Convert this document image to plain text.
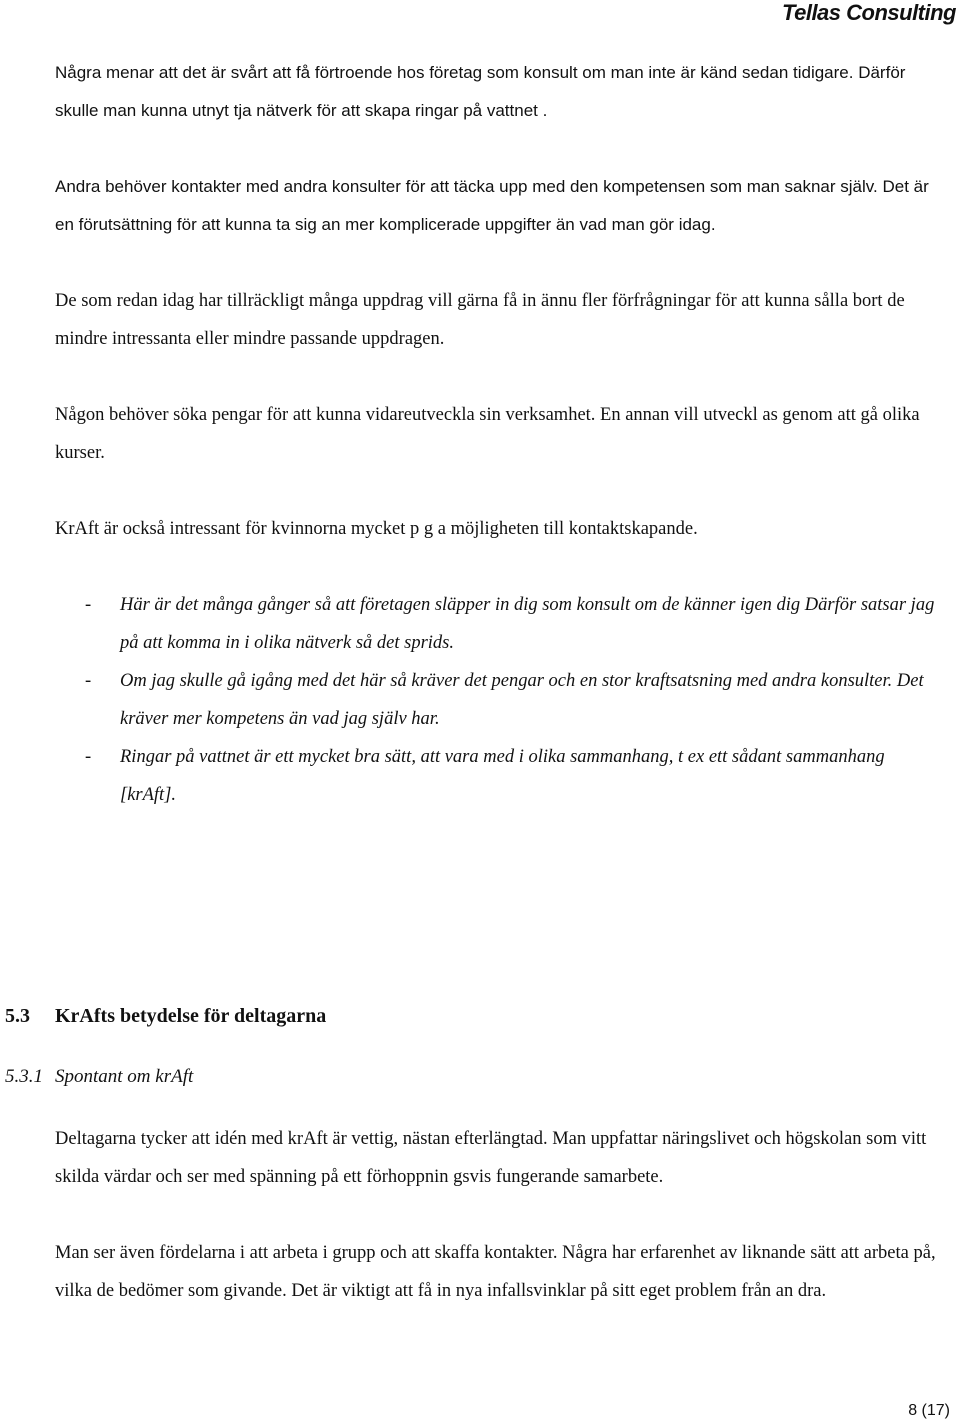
Tellas Consulting

Några menar att det är svårt att få förtroende hos företag som konsult om man inte är känd sedan tidigare. Därför skulle man kunna utnyt tja nätverk för att skapa ringar på vattnet .

Andra behöver kontakter med andra konsulter för att täcka upp med den kompetensen som man saknar själv. Det är en förutsättning för att kunna ta sig an mer komplicerade uppgifter än vad man gör idag.

De som redan idag har tillräckligt många uppdrag vill gärna få in ännu fler förfrågningar för att kunna sålla bort de mindre intressanta eller mindre passande uppdragen.

Någon behöver söka pengar för att kunna vidareutveckla sin verksamhet. En annan vill utveckl as genom att gå olika kurser.

KrAft är också intressant för kvinnorna mycket p g a möjligheten till kontaktskapande.

- Här är det många gånger så att företagen släpper in dig som konsult om de känner igen dig Därför satsar jag på att komma in i olika nätverk så det sprids.
- Om jag skulle gå igång med det här så kräver det pengar och en stor kraftsatsning med andra konsulter. Det kräver mer kompetens än vad jag själv har.
- Ringar på vattnet är ett mycket bra sätt, att vara med i olika sammanhang, t ex ett sådant sammanhang [krAft].
5.3 KrAfts betydelse för deltagarna
5.3.1 Spontant om krAft

Deltagarna tycker att idén med krAft är vettig, nästan efterlängtad. Man uppfattar näringslivet och högskolan som vitt skilda värdar och ser med spänning på ett förhoppnin gsvis fungerande samarbete.

Man ser även fördelarna i att arbeta i grupp och att skaffa kontakter. Några har erfarenhet av liknande sätt att arbeta på, vilka de bedömer som givande. Det är viktigt att få in nya infallsvinklar på sitt eget problem från an dra.

8 (17)
